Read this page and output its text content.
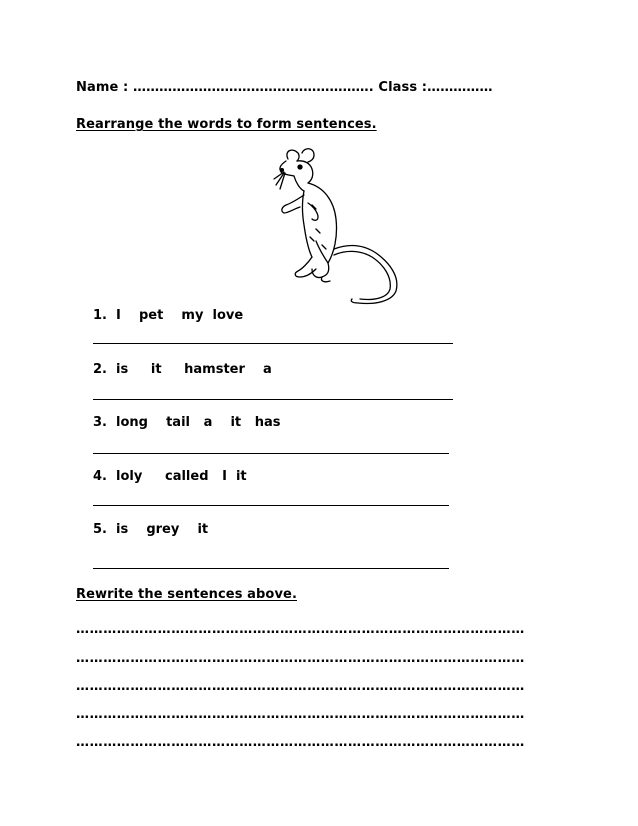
Name : ………………………………………………. Class :……………
Rearrange the words to form sentences.
1.  I    pet    my  love
2.  is     it     hamster    a
3.  long    tail   a    it   has
4.  loly     called   I  it
5.  is    grey    it
Rewrite the sentences above.
………………………………………………………………………………………
………………………………………………………………………………………
………………………………………………………………………………………
………………………………………………………………………………………
………………………………………………………………………………………
